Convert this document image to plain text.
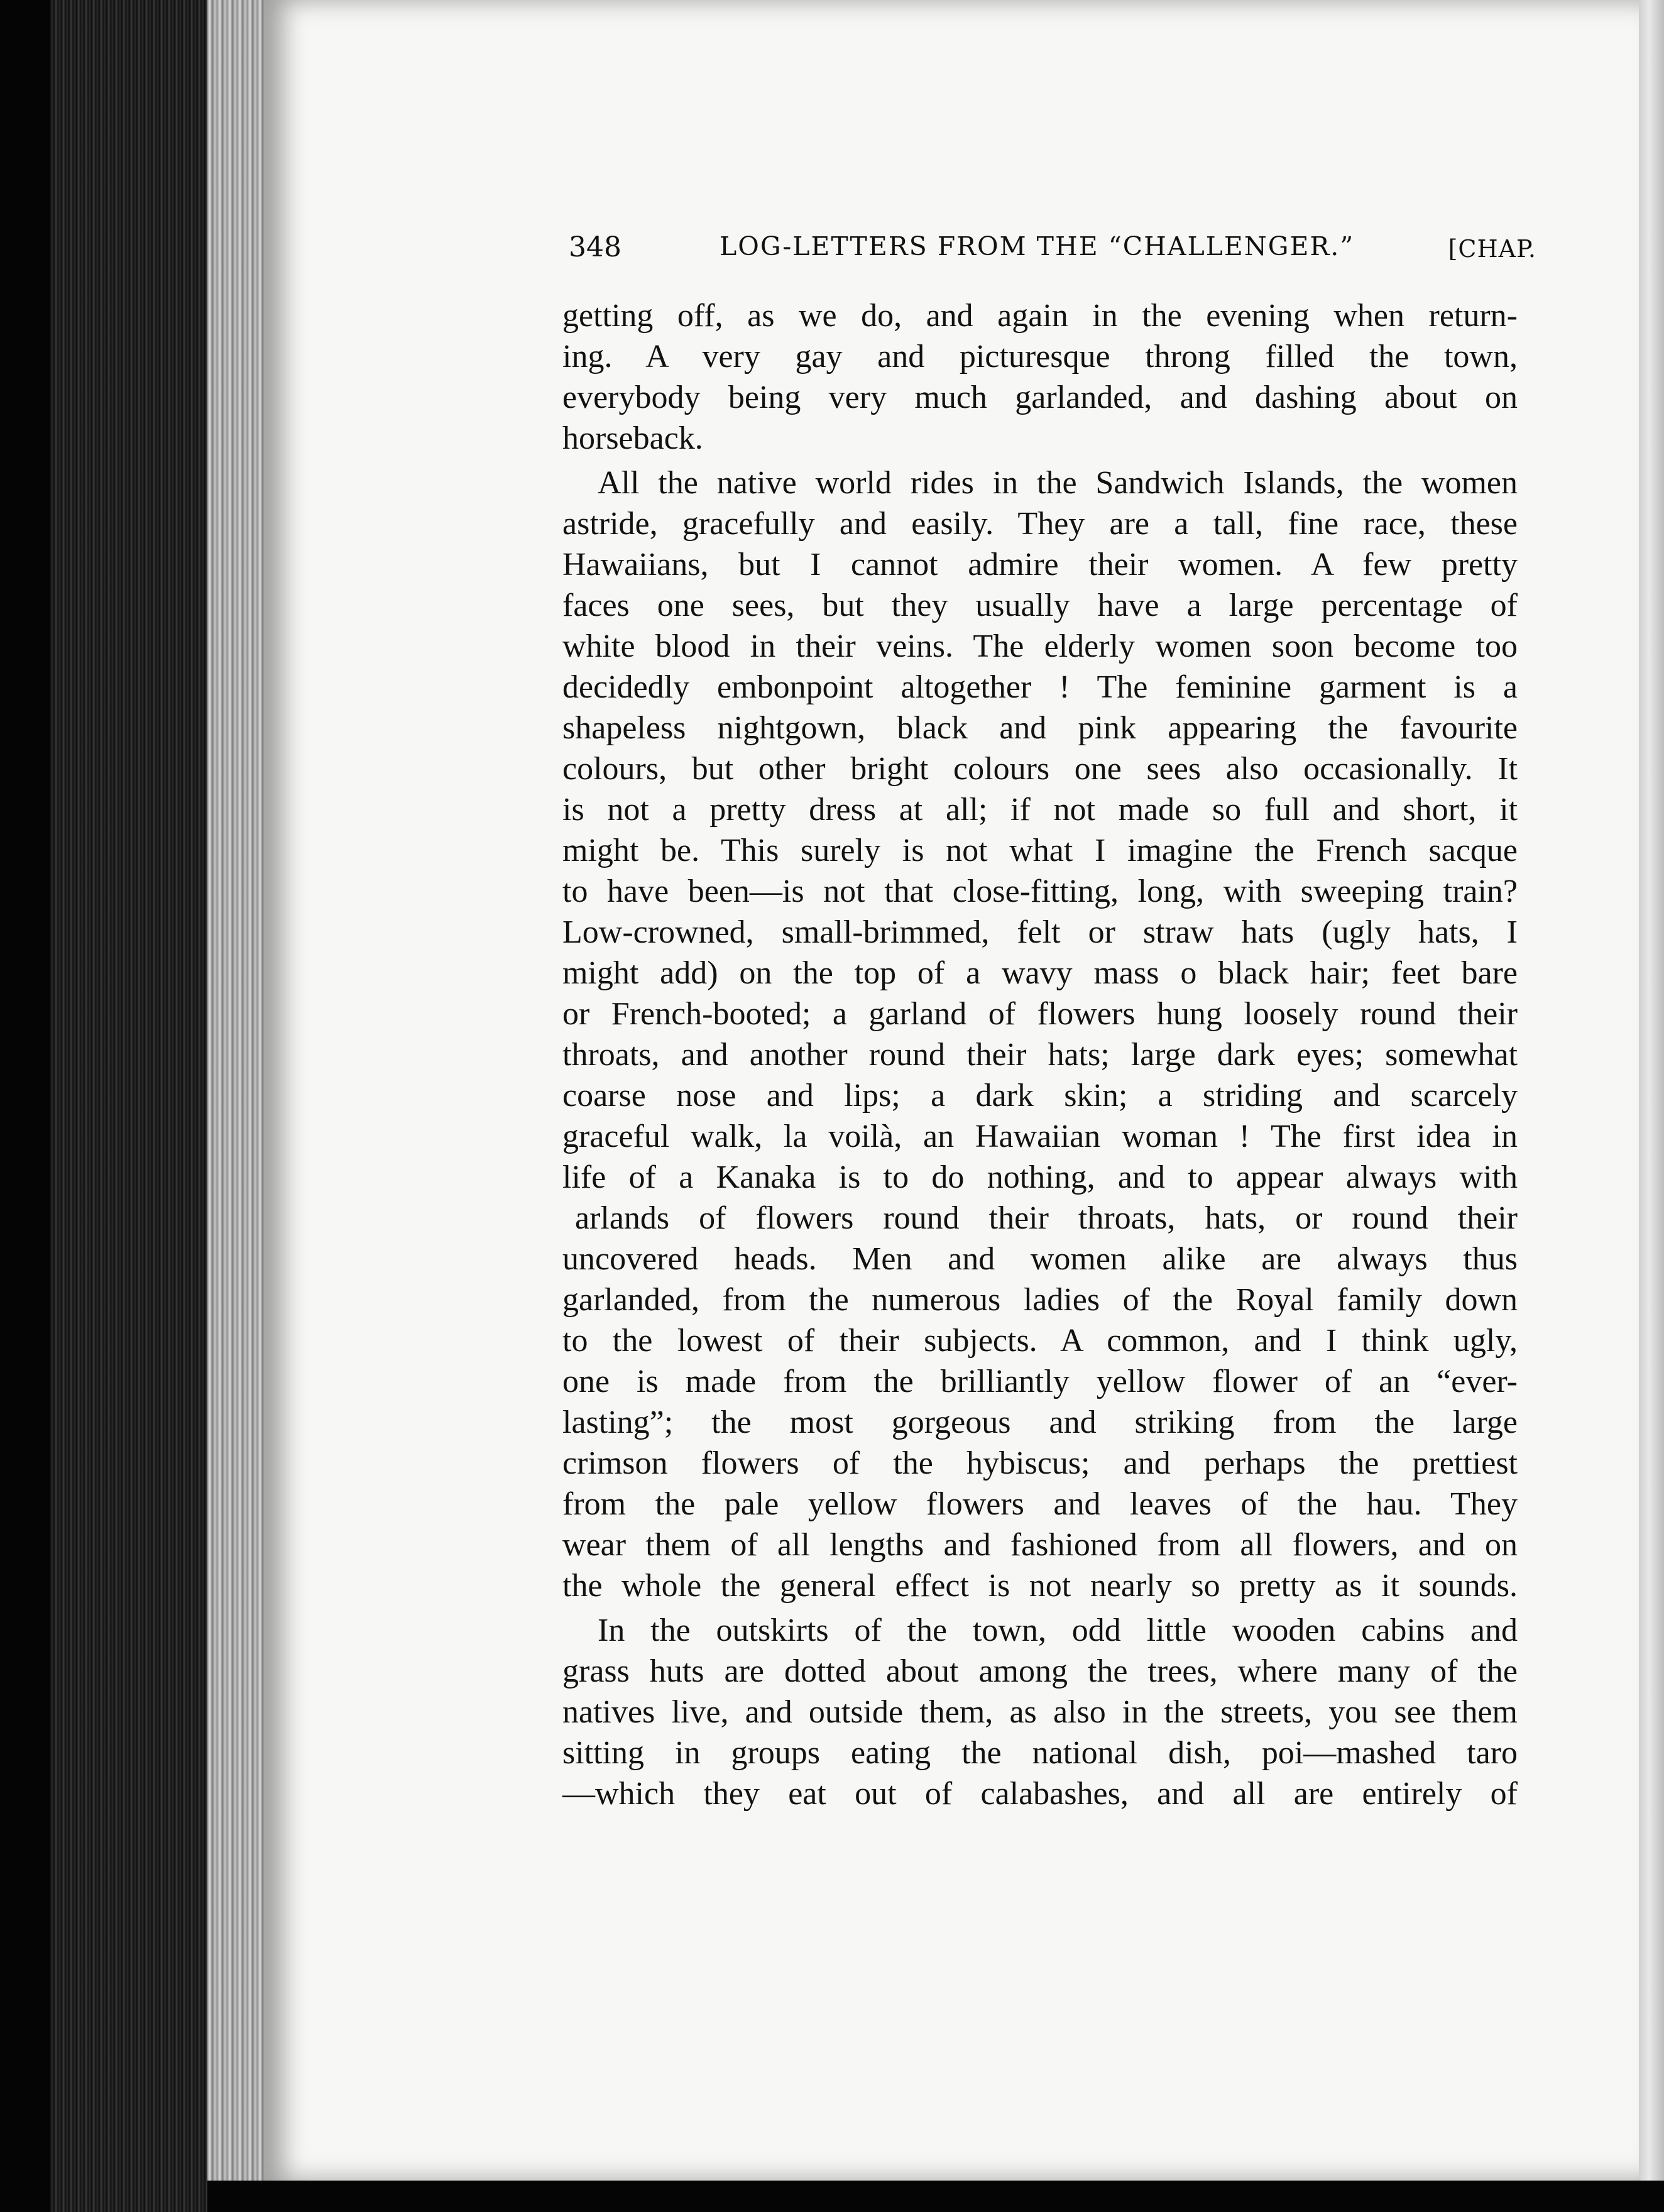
348	LOG-LETTERS FROM THE “CHALLENGER.”	[CHAP.

getting off, as we do, and again in the evening when return-
ing. A very gay and picturesque throng filled the town,
everybody being very much garlanded, and dashing about on
horseback.

All the native world rides in the Sandwich Islands, the women
astride, gracefully and easily. They are a tall, fine race, these
Hawaiians, but I cannot admire their women. A few pretty
faces one sees, but they usually have a large percentage of
white blood in their veins. The elderly women soon become too
decidedly embonpoint altogether ! The feminine garment is a
shapeless nightgown, black and pink appearing the favourite
colours, but other bright colours one sees also occasionally. It
is not a pretty dress at all; if not made so full and short, it
might be. This surely is not what I imagine the French sacque
to have been—is not that close-fitting, long, with sweeping train?
Low-crowned, small-brimmed, felt or straw hats (ugly hats, I
might add) on the top of a wavy mass o black hair; feet bare
or French-booted; a garland of flowers hung loosely round their
throats, and another round their hats; large dark eyes; somewhat
coarse nose and lips; a dark skin; a striding and scarcely
graceful walk, la voilà, an Hawaiian woman ! The first idea in
life of a Kanaka is to do nothing, and to appear always with
arlands of flowers round their throats, hats, or round their
uncovered heads. Men and women alike are always thus
garlanded, from the numerous ladies of the Royal family down
to the lowest of their subjects. A common, and I think ugly,
one is made from the brilliantly yellow flower of an “ever-
lasting”; the most gorgeous and striking from the large
crimson flowers of the hybiscus; and perhaps the prettiest
from the pale yellow flowers and leaves of the hau. They
wear them of all lengths and fashioned from all flowers, and on
the whole the general effect is not nearly so pretty as it sounds.

In the outskirts of the town, odd little wooden cabins and
grass huts are dotted about among the trees, where many of the
natives live, and outside them, as also in the streets, you see them
sitting in groups eating the national dish, poi—mashed taro
—which they eat out of calabashes, and all are entirely of
